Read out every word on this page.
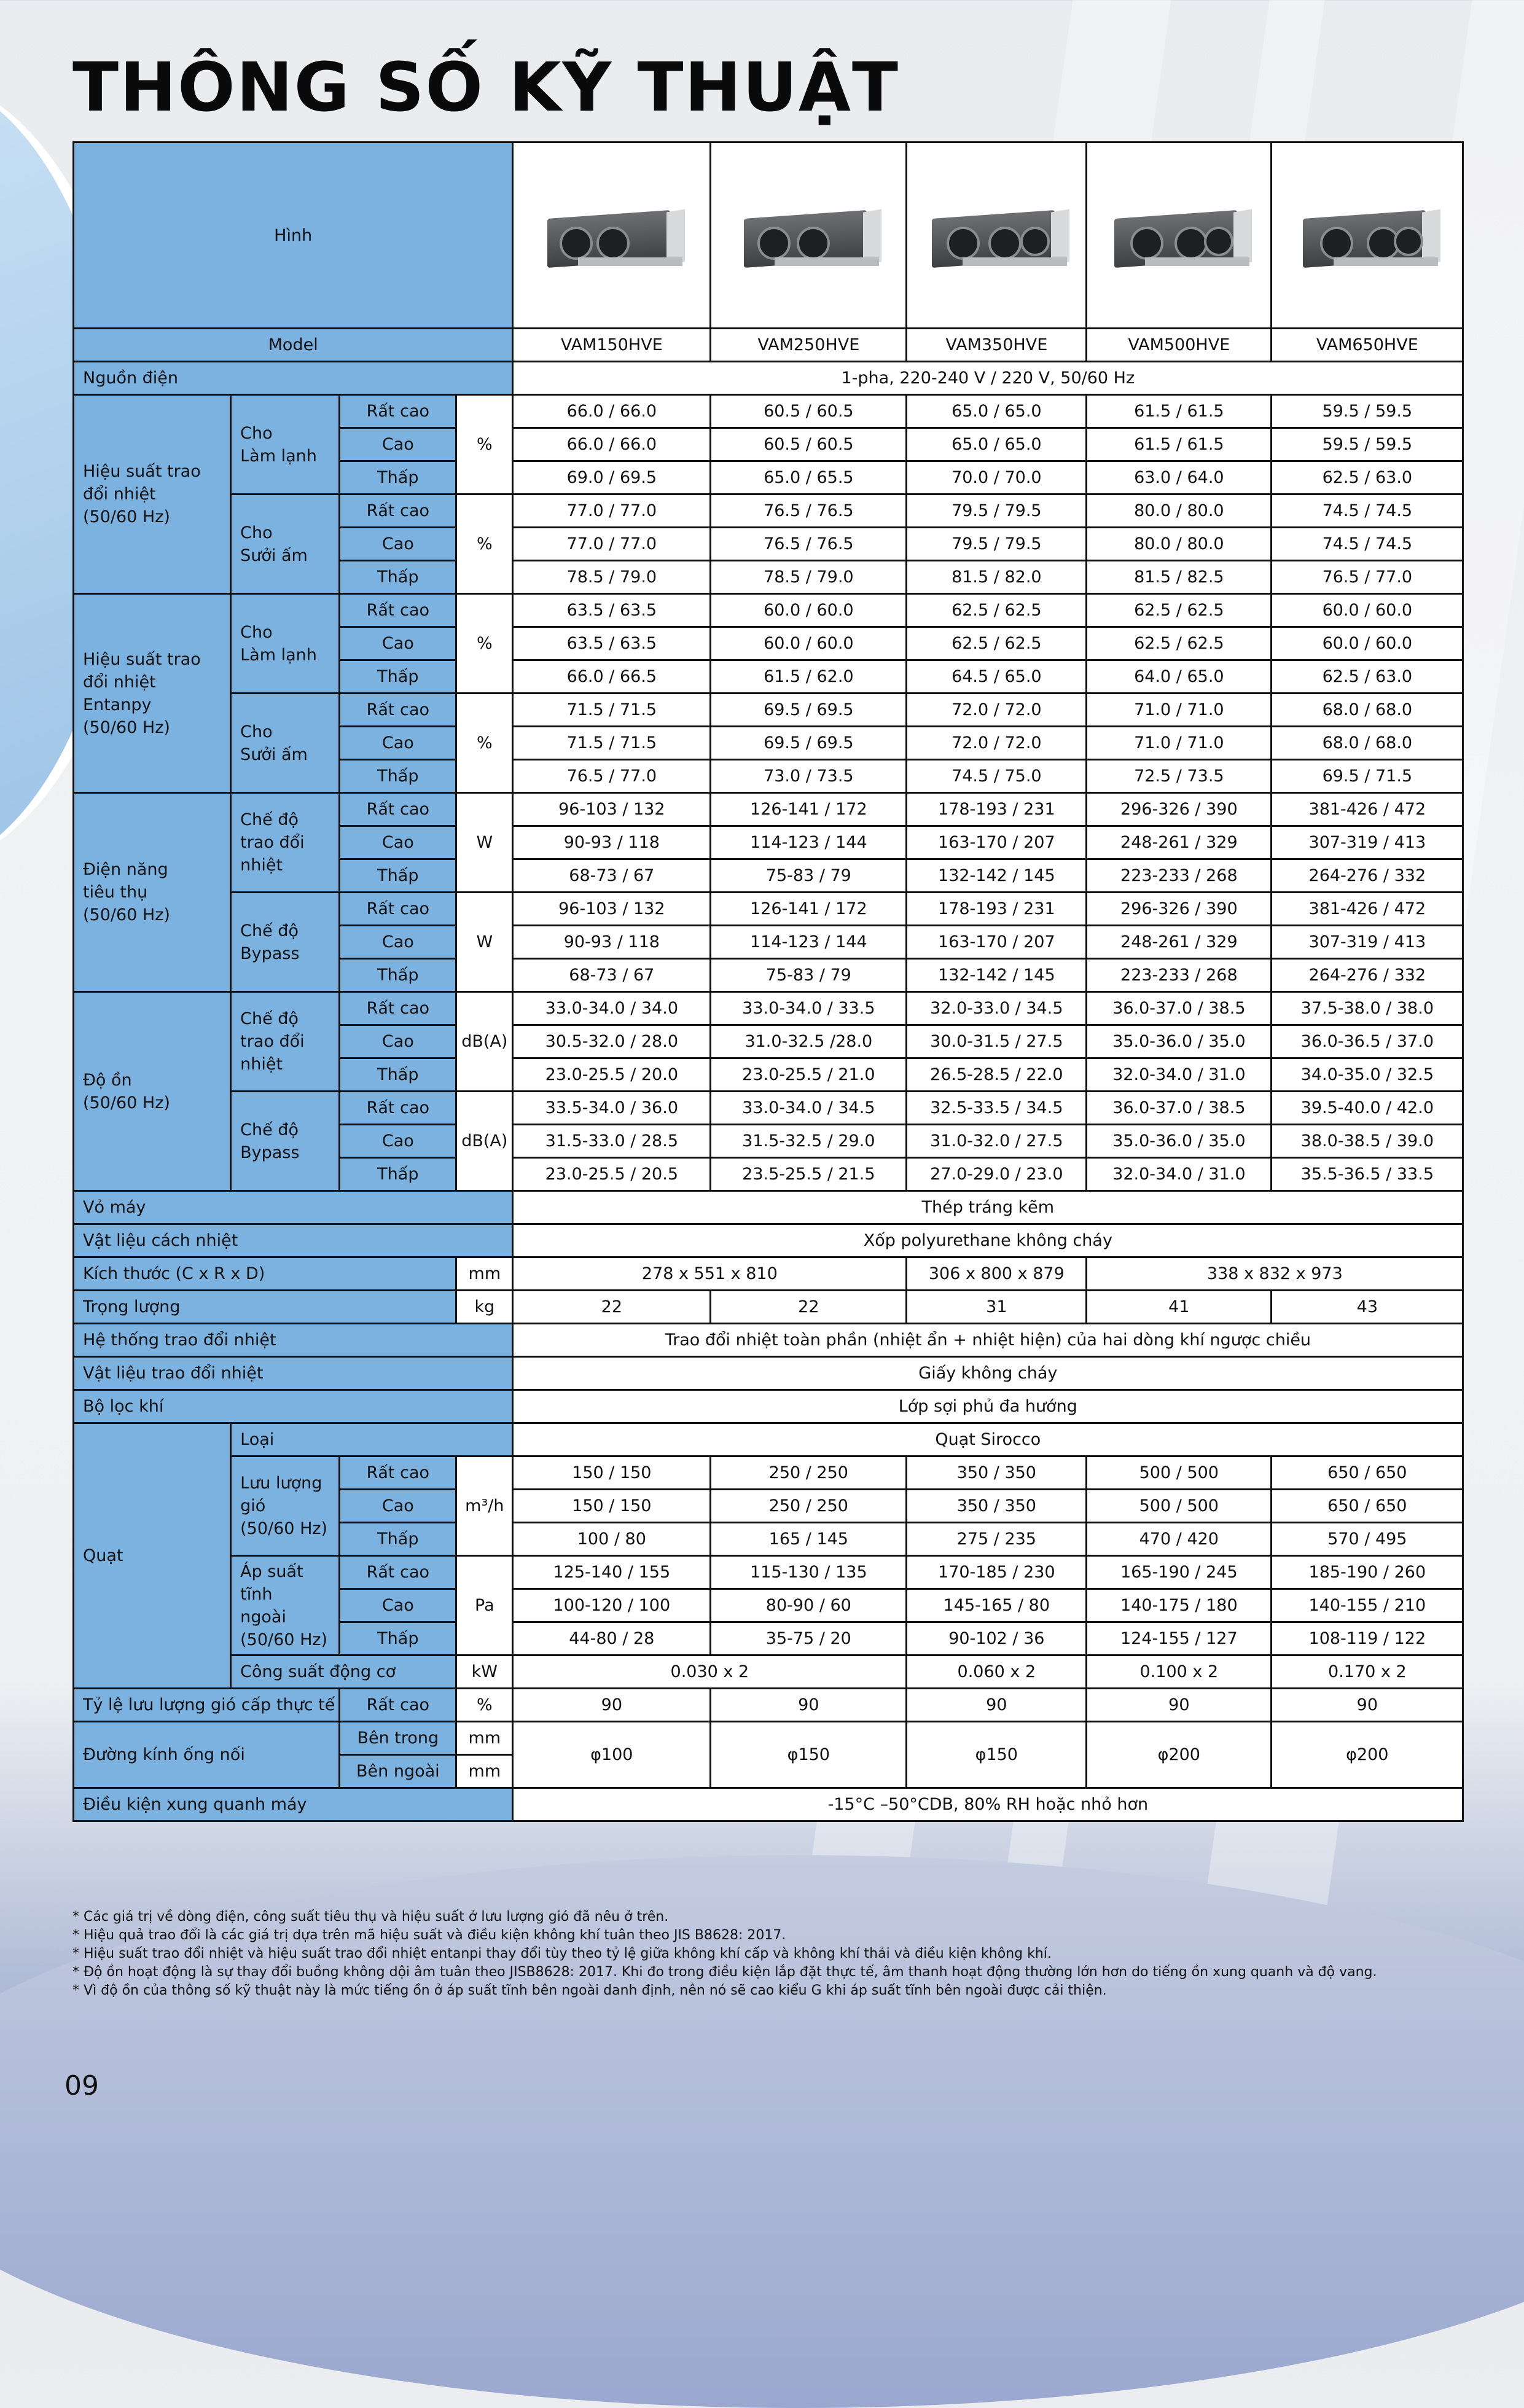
THÔNG SỐ KỸ THUẬT
Hình				

Model				VAM150HVE	VAM250HVE	VAM350HVE	VAM500HVE	VAM650HVE
Nguồn điện				1-pha, 220-240 V / 220 V, 50/60 Hz				
Hiệu suất trao
đổi nhiệt
(50/60 Hz)	Cho
Làm lạnh	Rất cao	%	66.0 / 66.0	60.5 / 60.5	65.0 / 65.0	61.5 / 61.5	59.5 / 59.5
		Cao		66.0 / 66.0	60.5 / 60.5	65.0 / 65.0	61.5 / 61.5	59.5 / 59.5
		Thấp		69.0 / 69.5	65.0 / 65.5	70.0 / 70.0	63.0 / 64.0	62.5 / 63.0
	Cho
Sưởi ấm	Rất cao	%	77.0 / 77.0	76.5 / 76.5	79.5 / 79.5	80.0 / 80.0	74.5 / 74.5
		Cao		77.0 / 77.0	76.5 / 76.5	79.5 / 79.5	80.0 / 80.0	74.5 / 74.5
		Thấp		78.5 / 79.0	78.5 / 79.0	81.5 / 82.0	81.5 / 82.5	76.5 / 77.0
Hiệu suất trao
đổi nhiệt
Entanpy
(50/60 Hz)	Cho
Làm lạnh	Rất cao	%	63.5 / 63.5	60.0 / 60.0	62.5 / 62.5	62.5 / 62.5	60.0 / 60.0
		Cao		63.5 / 63.5	60.0 / 60.0	62.5 / 62.5	62.5 / 62.5	60.0 / 60.0
		Thấp		66.0 / 66.5	61.5 / 62.0	64.5 / 65.0	64.0 / 65.0	62.5 / 63.0
	Cho
Sưởi ấm	Rất cao	%	71.5 / 71.5	69.5 / 69.5	72.0 / 72.0	71.0 / 71.0	68.0 / 68.0
		Cao		71.5 / 71.5	69.5 / 69.5	72.0 / 72.0	71.0 / 71.0	68.0 / 68.0
		Thấp		76.5 / 77.0	73.0 / 73.5	74.5 / 75.0	72.5 / 73.5	69.5 / 71.5
Điện năng
tiêu thụ
(50/60 Hz)	Chế độ
trao đổi
nhiệt	Rất cao	W	96-103 / 132	126-141 / 172	178-193 / 231	296-326 / 390	381-426 / 472
		Cao		90-93 / 118	114-123 / 144	163-170 / 207	248-261 / 329	307-319 / 413
		Thấp		68-73 / 67	75-83 / 79	132-142 / 145	223-233 / 268	264-276 / 332
	Chế độ
Bypass	Rất cao	W	96-103 / 132	126-141 / 172	178-193 / 231	296-326 / 390	381-426 / 472
		Cao		90-93 / 118	114-123 / 144	163-170 / 207	248-261 / 329	307-319 / 413
		Thấp		68-73 / 67	75-83 / 79	132-142 / 145	223-233 / 268	264-276 / 332
Độ ồn
(50/60 Hz)	Chế độ
trao đổi
nhiệt	Rất cao	dB(A)	33.0-34.0 / 34.0	33.0-34.0 / 33.5	32.0-33.0 / 34.5	36.0-37.0 / 38.5	37.5-38.0 / 38.0
		Cao		30.5-32.0 / 28.0	31.0-32.5 /28.0	30.0-31.5 / 27.5	35.0-36.0 / 35.0	36.0-36.5 / 37.0
		Thấp		23.0-25.5 / 20.0	23.0-25.5 / 21.0	26.5-28.5 / 22.0	32.0-34.0 / 31.0	34.0-35.0 / 32.5
	Chế độ
Bypass	Rất cao	dB(A)	33.5-34.0 / 36.0	33.0-34.0 / 34.5	32.5-33.5 / 34.5	36.0-37.0 / 38.5	39.5-40.0 / 42.0
		Cao		31.5-33.0 / 28.5	31.5-32.5 / 29.0	31.0-32.0 / 27.5	35.0-36.0 / 35.0	38.0-38.5 / 39.0
		Thấp		23.0-25.5 / 20.5	23.5-25.5 / 21.5	27.0-29.0 / 23.0	32.0-34.0 / 31.0	35.5-36.5 / 33.5
Vỏ máy				Thép tráng kẽm				
Vật liệu cách nhiệt				Xốp polyurethane không cháy				
Kích thước (C x R x D)			mm	278 x 551 x 810		306 x 800 x 879	338 x 832 x 973	
Trọng lượng			kg	22	22	31	41	43
Hệ thống trao đổi nhiệt				Trao đổi nhiệt toàn phần (nhiệt ẩn + nhiệt hiện) của hai dòng khí ngược chiều				
Vật liệu trao đổi nhiệt				Giấy không cháy				
Bộ lọc khí				Lớp sợi phủ đa hướng				
Quạt	Loại			Quạt Sirocco				
	Lưu lượng
gió
(50/60 Hz)	Rất cao	m³/h	150 / 150	250 / 250	350 / 350	500 / 500	650 / 650
		Cao		150 / 150	250 / 250	350 / 350	500 / 500	650 / 650
		Thấp		100 / 80	165 / 145	275 / 235	470 / 420	570 / 495
	Áp suất
tĩnh
ngoài
(50/60 Hz)	Rất cao	Pa	125-140 / 155	115-130 / 135	170-185 / 230	165-190 / 245	185-190 / 260
		Cao		100-120 / 100	80-90 / 60	145-165 / 80	140-175 / 180	140-155 / 210
		Thấp		44-80 / 28	35-75 / 20	90-102 / 36	124-155 / 127	108-119 / 122
	Công suất động cơ		kW	0.030 x 2		0.060 x 2	0.100 x 2	0.170 x 2
Tỷ lệ lưu lượng gió cấp thực tế		Rất cao	%	90	90	90	90	90
Đường kính ống nối		Bên trong	mm	φ100	φ150	φ150	φ200	φ200
		Bên ngoài	mm					
Điều kiện xung quanh máy				-15°C –50°CDB, 80% RH hoặc nhỏ hơn				

* Các giá trị về dòng điện, công suất tiêu thụ và hiệu suất ở lưu lượng gió đã nêu ở trên.

* Hiệu quả trao đổi là các giá trị dựa trên mã hiệu suất và điều kiện không khí tuân theo JIS B8628: 2017.

* Hiệu suất trao đổi nhiệt và hiệu suất trao đổi nhiệt entanpi thay đổi tùy theo tỷ lệ giữa không khí cấp và không khí thải và điều kiện không khí.

* Độ ồn hoạt động là sự thay đổi buồng không dội âm tuân theo JISB8628: 2017. Khi đo trong điều kiện lắp đặt thực tế, âm thanh hoạt động thường lớn hơn do tiếng ồn xung quanh và độ vang.

* Vì độ ồn của thông số kỹ thuật này là mức tiếng ồn ở áp suất tĩnh bên ngoài danh định, nên nó sẽ cao kiểu G khi áp suất tĩnh bên ngoài được cải thiện.

09
